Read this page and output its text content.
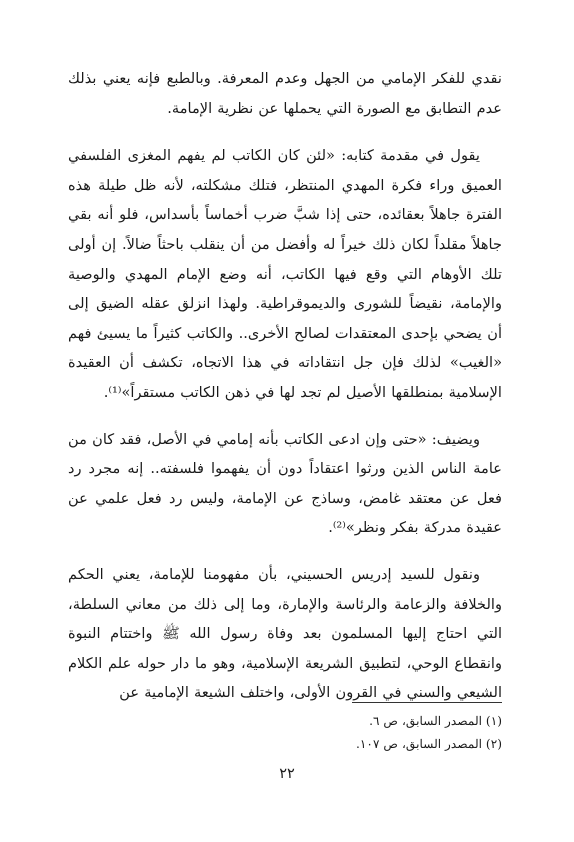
نقدي للفكر الإمامي من الجهل وعدم المعرفة. وبالطبع فإنه يعني بذلك عدم التطابق مع الصورة التي يحملها عن نظرية الإمامة.

يقول في مقدمة كتابه: «لئن كان الكاتب لم يفهم المغزى الفلسفي العميق وراء فكرة المهدي المنتظر، فتلك مشكلته، لأنه ظل طيلة هذه الفترة جاهلاً بعقائده، حتى إذا شبَّ ضرب أخماساً بأسداس، فلو أنه بقي جاهلاً مقلداً لكان ذلك خيراً له وأفضل من أن ينقلب باحثاً ضالاً. إن أولى تلك الأوهام التي وقع فيها الكاتب، أنه وضع الإمام المهدي والوصية والإمامة، نقيضاً للشورى والديموقراطية. ولهذا انزلق عقله الضيق إلى أن يضحي بإحدى المعتقدات لصالح الأخرى.. والكاتب كثيراً ما يسيئ فهم «الغيب» لذلك فإن جل انتقاداته في هذا الاتجاه، تكشف أن العقيدة الإسلامية بمنطلقها الأصيل لم تجد لها في ذهن الكاتب مستقراً»⁽¹⁾.

ويضيف: «حتى وإن ادعى الكاتب بأنه إمامي في الأصل، فقد كان من عامة الناس الذين ورثوا اعتقاداً دون أن يفهموا فلسفته.. إنه مجرد رد فعل عن معتقد غامض، وساذج عن الإمامة، وليس رد فعل علمي عن عقيدة مدركة بفكر ونظر»⁽²⁾.

ونقول للسيد إدريس الحسيني، بأن مفهومنا للإمامة، يعني الحكم والخلافة والزعامة والرئاسة والإمارة، وما إلى ذلك من معاني السلطة، التي احتاج إليها المسلمون بعد وفاة رسول الله ﷺ واختتام النبوة وانقطاع الوحي، لتطبيق الشريعة الإسلامية، وهو ما دار حوله علم الكلام الشيعي والسني في القرون الأولى، واختلف الشيعة الإمامية عن

(١) المصدر السابق، ص ٦.

(٢) المصدر السابق، ص ١٠٧.

٢٢
